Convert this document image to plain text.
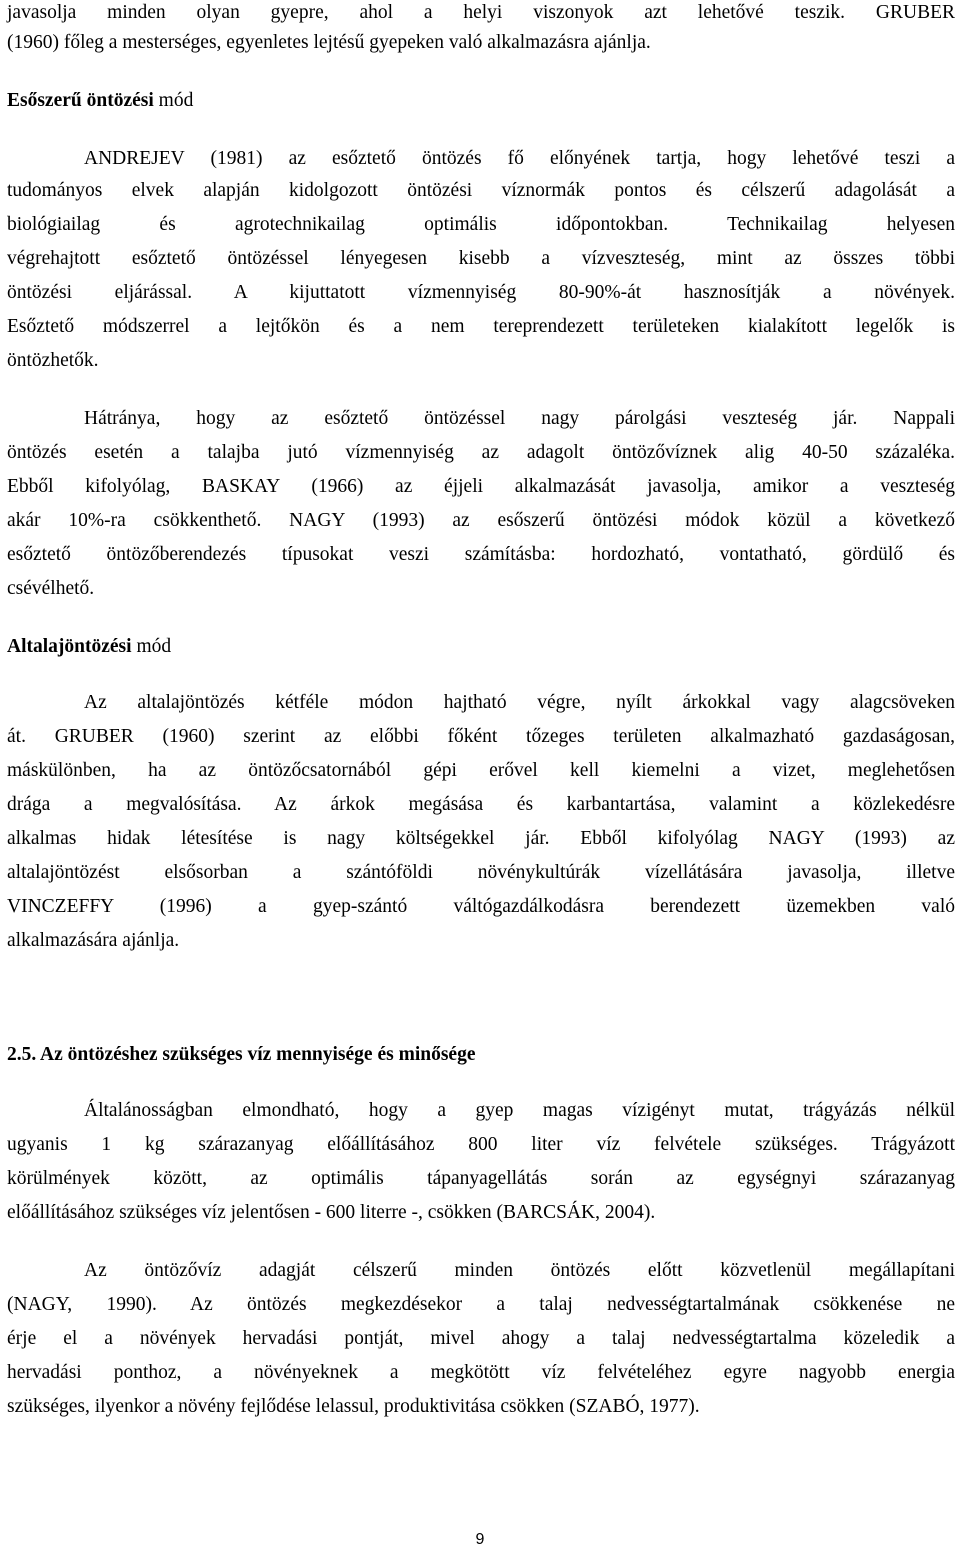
javasolja minden olyan gyepre, ahol a helyi viszonyok azt lehetővé teszik. GRUBER
(1960) főleg a mesterséges, egyenletes lejtésű gyepeken való alkalmazásra ajánlja.
Esőszerű öntözési mód
ANDREJEV (1981) az esőztető öntözés fő előnyének tartja, hogy lehetővé teszi a
tudományos elvek alapján kidolgozott öntözési víznormák pontos és célszerű adagolását a
biológiailag és agrotechnikailag optimális időpontokban. Technikailag helyesen
végrehajtott esőztető öntözéssel lényegesen kisebb a vízveszteség, mint az összes többi
öntözési eljárással. A kijuttatott vízmennyiség 80-90%-át hasznosítják a növények.
Esőztető módszerrel a lejtőkön és a nem tereprendezett területeken kialakított legelők is
öntözhetők.
Hátránya, hogy az esőztető öntözéssel nagy párolgási veszteség jár. Nappali
öntözés esetén a talajba jutó vízmennyiség az adagolt öntözővíznek alig 40-50 százaléka.
Ebből kifolyólag, BASKAY (1966) az éjjeli alkalmazását javasolja, amikor a veszteség
akár 10%-ra csökkenthető. NAGY (1993) az esőszerű öntözési módok közül a következő
esőztető öntözőberendezés típusokat veszi számításba: hordozható, vontatható, gördülő és
csévélhető.
Altalajöntözési mód
Az altalajöntözés kétféle módon hajtható végre, nyílt árkokkal vagy alagcsöveken
át. GRUBER (1960) szerint az előbbi főként tőzeges területen alkalmazható gazdaságosan,
máskülönben, ha az öntözőcsatornából gépi erővel kell kiemelni a vizet, meglehetősen
drága a megvalósítása. Az árkok megásása és karbantartása, valamint a közlekedésre
alkalmas hidak létesítése is nagy költségekkel jár. Ebből kifolyólag NAGY (1993) az
altalajöntözést elsősorban a szántóföldi növénykultúrák vízellátására javasolja, illetve
VINCZEFFY (1996) a gyep-szántó váltógazdálkodásra berendezett üzemekben való
alkalmazására ajánlja.
2.5. Az öntözéshez szükséges víz mennyisége és minősége
Általánosságban elmondható, hogy a gyep magas vízigényt mutat, trágyázás nélkül
ugyanis 1 kg szárazanyag előállításához 800 liter víz felvétele szükséges. Trágyázott
körülmények között, az optimális tápanyagellátás során az egységnyi szárazanyag
előállításához szükséges víz jelentősen - 600 literre -, csökken (BARCSÁK, 2004).
Az öntözővíz adagját célszerű minden öntözés előtt közvetlenül megállapítani
(NAGY, 1990). Az öntözés megkezdésekor a talaj nedvességtartalmának csökkenése ne
érje el a növények hervadási pontját, mivel ahogy a talaj nedvességtartalma közeledik a
hervadási ponthoz, a növényeknek a megkötött víz felvételéhez egyre nagyobb energia
szükséges, ilyenkor a növény fejlődése lelassul, produktivitása csökken (SZABÓ, 1977).
9
